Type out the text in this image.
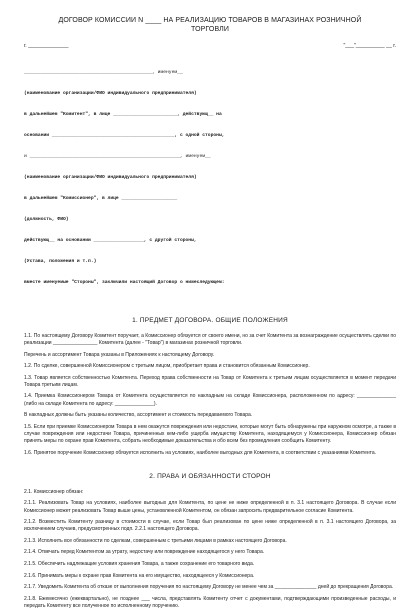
ДОГОВОР КОМИССИИ N ____ НА РЕАЛИЗАЦИЮ ТОВАРОВ В МАГАЗИНАХ РОЗНИЧНОЙ
ТОРГОВЛИ
г. ______________	"___"__________ __ г.

______________________________________________, именуем__

(наименование организации/ФИО индивидуального предпринимателя)

в дальнейшем "Комитент", в лице _______________________, действующ__ на

основании ____________________________________________, с одной стороны,

и ______________________________________________________, именуем__

(наименование организации/ФИО индивидуального предпринимателя)

в дальнейшем "Комиссионер", в лице ____________________

(должность, ФИО)

действующ__ на основании __________________, с другой стороны,

(Устава, положения и т.п.)

вместе именуемые "Стороны", заключили настоящий Договор о нижеследующем:

1. ПРЕДМЕТ ДОГОВОРА. ОБЩИЕ ПОЛОЖЕНИЯ

1.1. По настоящему Договору Комитент поручает, а Комиссионер обязуется от своего имени, но за счет Комитента за вознаграждение осуществлять сделки по реализации ________________ Комитента (далее - "Товар") в магазинах розничной торговли.

Перечень и ассортимент Товара указаны в Приложениях к настоящему Договору.

1.2. По сделке, совершенной Комиссионером с третьим лицом, приобретает права и становится обязанным Комиссионер.

1.3. Товар является собственностью Комитента. Переход права собственности на Товар от Комитента к третьим лицам осуществляется в момент передачи Товара третьим лицам.

1.4. Приемка Комиссионером Товара от Комитента осуществляется по накладным на складе Комиссионера, расположенном по адресу: ______________ (либо на складе Комитента по адресу: ______________).

В накладных должны быть указаны количество, ассортимент и стоимость передаваемого Товара.

1.5. Если при приемке Комиссионером Товара в нем окажутся повреждения или недостачи, которые могут быть обнаружены при наружном осмотре, а также в случае повреждения или недостачи Товара, причиненных кем-либо ущерба имуществу Комитента, находящемуся у Комиссионера, Комиссионер обязан принять меры по охране прав Комитента, собрать необходимые доказательства и обо всем без промедления сообщить Комитенту.

1.6. Принятое поручение Комиссионер обязуется исполнить на условиях, наиболее выгодных для Комитента, в соответствии с указаниями Комитента.

2. ПРАВА И ОБЯЗАННОСТИ СТОРОН

2.1. Комиссионер обязан:

2.1.1. Реализовать Товар на условиях, наиболее выгодных для Комитента, по цене не ниже определенной в п. 3.1 настоящего Договора. В случае если Комиссионер может реализовать Товар выше цены, установленной Комитентом, он обязан запросить предварительное согласие Комитента.

2.1.2. Возместить Комитенту разницу в стоимости в случае, если Товар был реализован по цене ниже определенной в п. 3.1 настоящего Договора, за исключением случаев, предусмотренных подп. 2.2.1 настоящего Договора.

2.1.3. Исполнить все обязанности по сделкам, совершенным с третьими лицами в рамках настоящего Договора.

2.1.4. Отвечать перед Комитентом за утрату, недостачу или повреждение находящегося у него Товара.

2.1.5. Обеспечить надлежащие условия хранения Товара, а также сохранение его товарного вида.

2.1.6. Принимать меры к охране прав Комитента на его имущество, находящееся у Комиссионера.

2.1.7. Уведомить Комитента об отказе от выполнения поручения по настоящему Договору не менее чем за _______________ дней до прекращения Договора.

2.1.8. Ежемесячно (ежеквартально), не позднее ___ числа, представлять Комитенту отчет с документами, подтверждающими произведенные расходы, и передать Комитенту все полученное по исполненному поручению.
